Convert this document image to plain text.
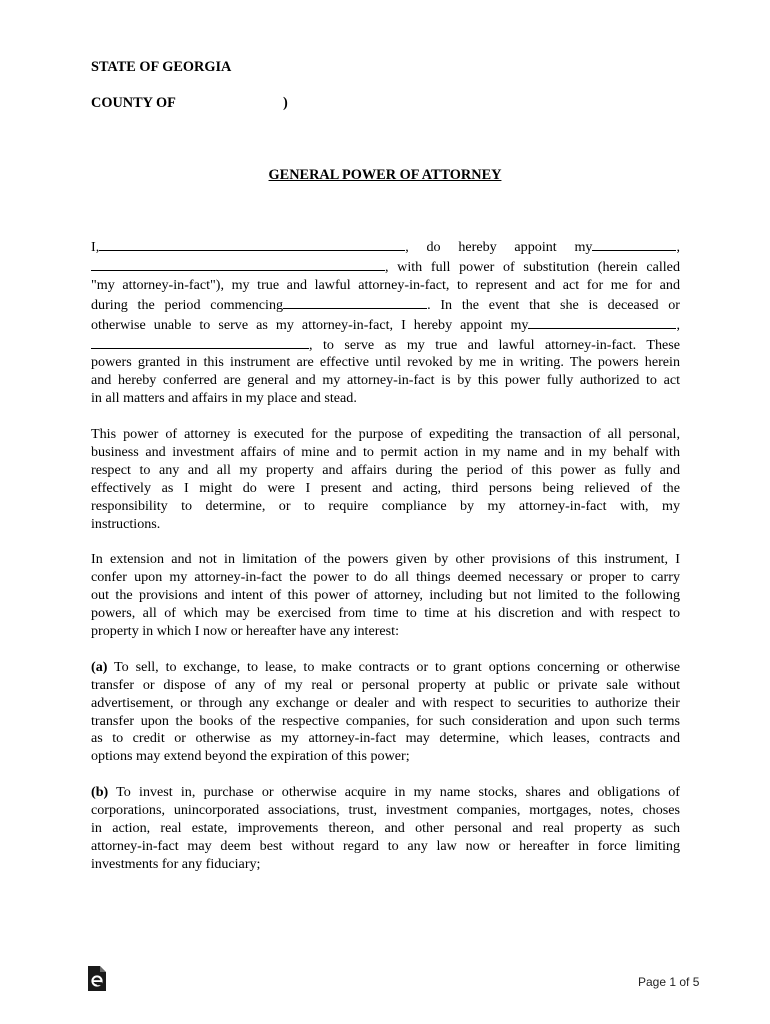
STATE OF GEORGIA
COUNTY OF	)
GENERAL POWER OF ATTORNEY

I,	, do hereby appoint my	,
, with full power of substitution (herein called
"my attorney-in-fact"), my true and lawful attorney-in-fact, to represent and act for me for and
during the period commencing	. In the event that she is deceased or
otherwise unable to serve as my attorney-in-fact, I hereby appoint my	,
, to serve as my true and lawful attorney-in-fact. These
powers granted in this instrument are effective until revoked by me in writing. The powers herein
and hereby conferred are general and my attorney-in-fact is by this power fully authorized to act
in all matters and affairs in my place and stead.

This power of attorney is executed for the purpose of expediting the transaction of all personal,
business and investment affairs of mine and to permit action in my name and in my behalf with
respect to any and all my property and affairs during the period of this power as fully and
effectively as I might do were I present and acting, third persons being relieved of the
responsibility to determine, or to require compliance by my attorney-in-fact with, my
instructions.

In extension and not in limitation of the powers given by other provisions of this instrument, I
confer upon my attorney-in-fact the power to do all things deemed necessary or proper to carry
out the provisions and intent of this power of attorney, including but not limited to the following
powers, all of which may be exercised from time to time at his discretion and with respect to
property in which I now or hereafter have any interest:

(a) To sell, to exchange, to lease, to make contracts or to grant options concerning or otherwise
transfer or dispose of any of my real or personal property at public or private sale without
advertisement, or through any exchange or dealer and with respect to securities to authorize their
transfer upon the books of the respective companies, for such consideration and upon such terms
as to credit or otherwise as my attorney-in-fact may determine, which leases, contracts and
options may extend beyond the expiration of this power;

(b) To invest in, purchase or otherwise acquire in my name stocks, shares and obligations of
corporations, unincorporated associations, trust, investment companies, mortgages, notes, choses
in action, real estate, improvements thereon, and other personal and real property as such
attorney-in-fact may deem best without regard to any law now or hereafter in force limiting
investments for any fiduciary;

Page 1 of 5
